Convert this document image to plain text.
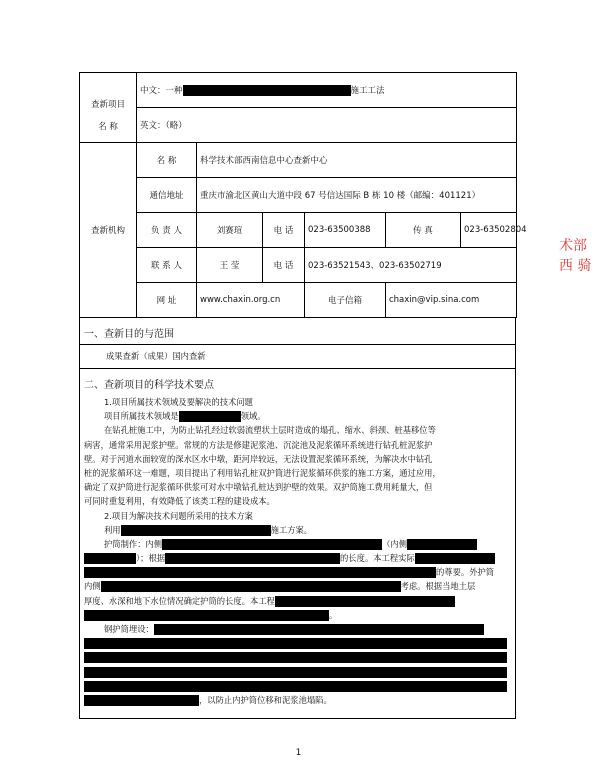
查新项目
名 称	中文：一种 施工工法					
	英文：（略）					
查新机构	名 称	科学技术部西南信息中心查新中心				
	通信地址	重庆市渝北区黄山大道中段 67 号信达国际 B 栋 10 楼（邮编：401121）				
	负 责 人	刘赛瑄	电 话	023-63500388	传 真	023-63502804
	联 系 人	王 莹	电 话	023-63521543、023-63502719		
	网 址	www.chaxin.org.cn		电子信箱	chaxin@vip.sina.com	
一、查新目的与范围
成果查新（成果）国内查新
二、查新项目的科学技术要点
1.项目所属技术领域及要解决的技术问题
项目所属技术领域是	领域。
在钻孔桩施工中，为防止钻孔经过软弱流塑状土层时造成的塌孔、缩水、斜颈、桩基移位等
病害，通常采用泥浆护壁。常规的方法是修建泥浆池、沉淀池及泥浆循环系统进行钻孔桩泥浆护
壁。对于河道水面较宽的深水区水中墩，距河岸较远，无法设置泥浆循环系统，为解决水中钻孔
桩的泥浆循环这一难题，项目提出了利用钻孔桩双护筒进行泥浆循环供浆的施工方案，通过应用，
确定了双护筒进行泥浆循环供浆可对水中墩钻孔桩达到护壁的效果。双护筒施工费用耗量大，但
可同时重复利用，有效降低了该类工程的建设成本。
2.项目为解决技术问题所采用的技术方案
利用	施工方案。
护筒制作：内侧	（内侧
）；根据	的长度。本工程实际
的尊要。外护筒
内侧	考虑。根据当地土层
厚度、水深和地下水位情况确定护筒的长度。本工程
。
钢护筒埋设：
，以防止内护筒位移和泥浆池塌陷。
术部西 骑
1
